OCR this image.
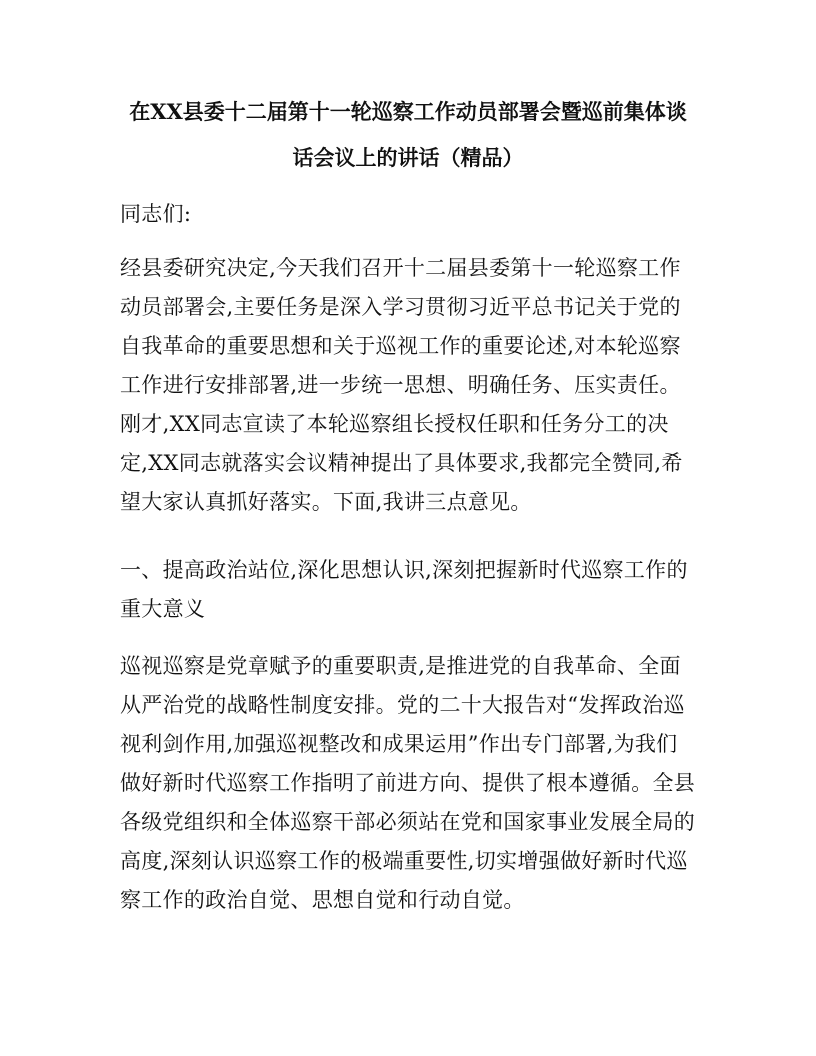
在XX县委十二届第十一轮巡察工作动员部署会暨巡前集体谈
话会议上的讲话（精品）
同志们:
经县委研究决定,今天我们召开十二届县委第十一轮巡察工作
动员部署会,主要任务是深入学习贯彻习近平总书记关于党的
自我革命的重要思想和关于巡视工作的重要论述,对本轮巡察
工作进行安排部署,进一步统一思想、明确任务、压实责任。
刚才,XX同志宣读了本轮巡察组长授权任职和任务分工的决
定,XX同志就落实会议精神提出了具体要求,我都完全赞同,希
望大家认真抓好落实。下面,我讲三点意见。
一、提高政治站位,深化思想认识,深刻把握新时代巡察工作的
重大意义
巡视巡察是党章赋予的重要职责,是推进党的自我革命、全面
从严治党的战略性制度安排。党的二十大报告对“发挥政治巡
视利剑作用,加强巡视整改和成果运用”作出专门部署,为我们
做好新时代巡察工作指明了前进方向、提供了根本遵循。全县
各级党组织和全体巡察干部必须站在党和国家事业发展全局的
高度,深刻认识巡察工作的极端重要性,切实增强做好新时代巡
察工作的政治自觉、思想自觉和行动自觉。
